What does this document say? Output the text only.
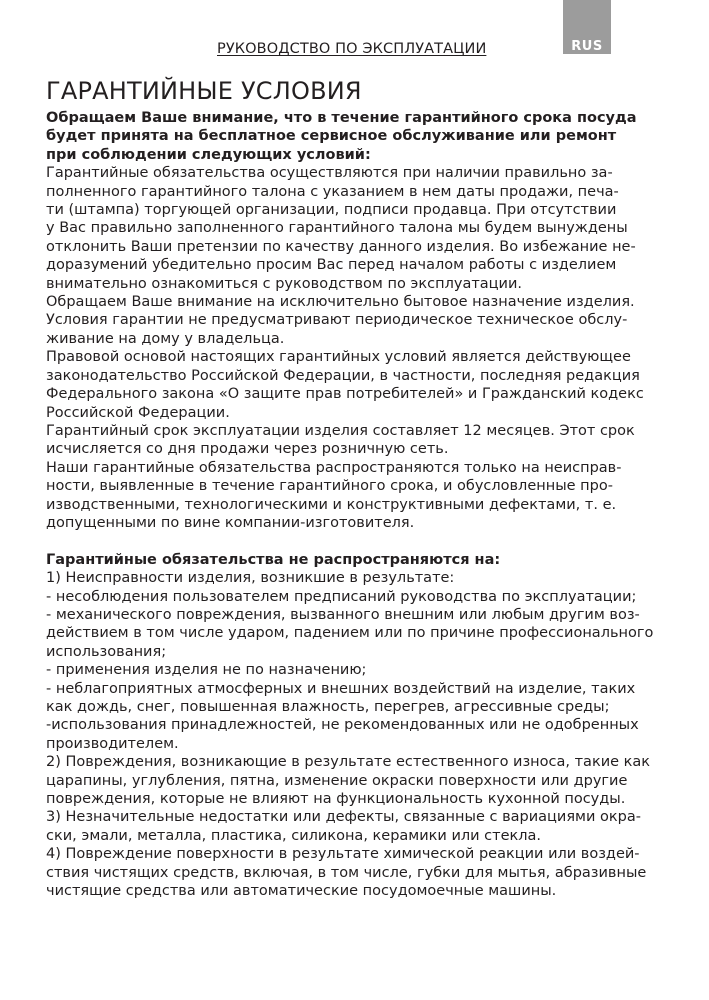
RUS
РУКОВОДСТВО ПО ЭКСПЛУАТАЦИИ
ГАРАНТИЙНЫЕ УСЛОВИЯ
Обращаем Ваше внимание, что в течение гарантийного срока посуда
будет принята на бесплатное сервисное обслуживание или ремонт
при соблюдении следующих условий:
Гарантийные обязательства осуществляются при наличии правильно за-
полненного гарантийного талона с указанием в нем даты продажи, печа-
ти (штампа) торгующей организации, подписи продавца. При отсутствии
у Вас правильно заполненного гарантийного талона мы будем вынуждены
отклонить Ваши претензии по качеству данного изделия. Во избежание не-
доразумений убедительно просим Вас перед началом работы с изделием
внимательно ознакомиться с руководством по эксплуатации.
Обращаем Ваше внимание на исключительно бытовое назначение изделия.
Условия гарантии не предусматривают периодическое техническое обслу-
живание на дому у владельца.
Правовой основой настоящих гарантийных условий является действующее
законодательство Российской Федерации, в частности, последняя редакция
Федерального закона «О защите прав потребителей» и Гражданский кодекс
Российской Федерации.
Гарантийный срок эксплуатации изделия составляет 12 месяцев. Этот срок
исчисляется со дня продажи через розничную сеть.
Наши гарантийные обязательства распространяются только на неисправ-
ности, выявленные в течение гарантийного срока, и обусловленные про-
изводственными, технологическими и конструктивными дефектами, т. е.
допущенными по вине компании-изготовителя.
Гарантийные обязательства не распространяются на:
1) Неисправности изделия, возникшие в результате:
- несоблюдения пользователем предписаний руководства по эксплуатации;
- механического повреждения, вызванного внешним или любым другим воз-
действием в том числе ударом, падением или по причине профессионального
использования;
- применения изделия не по назначению;
- неблагоприятных атмосферных и внешних воздействий на изделие, таких
как дождь, снег, повышенная влажность, перегрев, агрессивные среды;
-использования принадлежностей, не рекомендованных или не одобренных
производителем.
2) Повреждения, возникающие в результате естественного износа, такие как
царапины, углубления, пятна, изменение окраски поверхности или другие
повреждения, которые не влияют на функциональность кухонной посуды.
3) Незначительные недостатки или дефекты, связанные с вариациями окра-
ски, эмали, металла, пластика, силикона, керамики или стекла.
4) Повреждение поверхности в результате химической реакции или воздей-
ствия чистящих средств, включая, в том числе, губки для мытья, абразивные
чистящие средства или автоматические посудомоечные машины.
